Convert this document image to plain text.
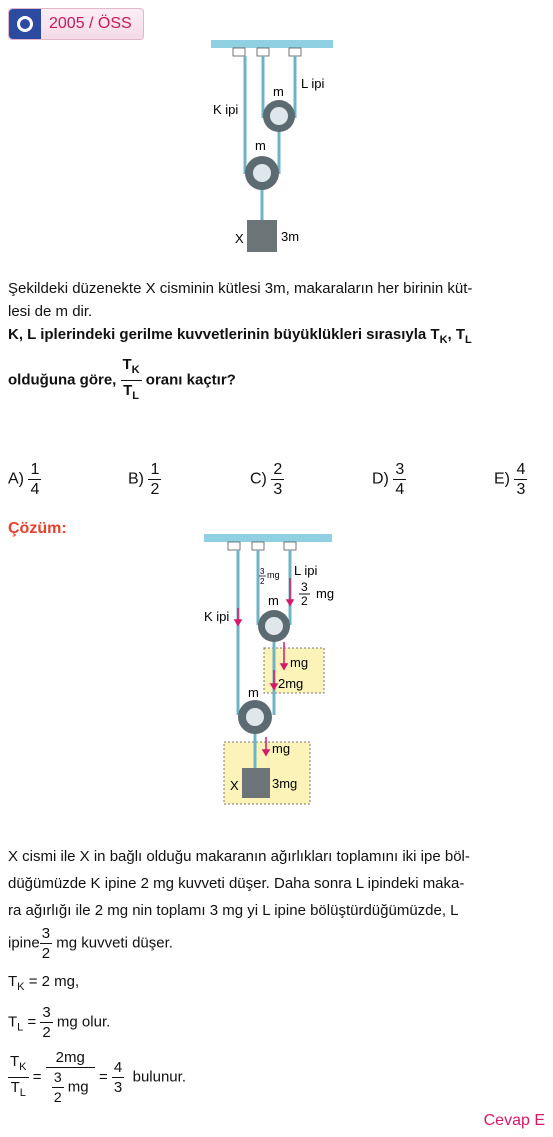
2005 / ÖSS
K ipi
L ipi
m
m
X	3m
Şekildeki düzenekte X cisminin kütlesi 3m, makaraların her birinin küt-
lesi de m dir.
K, L iplerindeki gerilme kuvvetlerinin büyüklükleri sırasıyla $T_K$, $T_L$
olduğuna göre, $\frac{T_K}{T_L}$ oranı kaçtır?
$A) \frac{1}{4}$	$B) \frac{1}{2}$	$C) \frac{2}{3}$	$D) \frac{3}{4}$	$E) \frac{4}{3}$
Çözüm:
3
2
mg L ipi
3
2 mg
K ipi
m
m
mg
2mg
mg
X	3mg
X cismi ile X in bağlı olduğu makaranın ağırlıkları toplamını iki ipe böl-
düğümüzde K ipine 2 mg kuvveti düşer. Daha sonra L ipindeki maka-
ra ağırlığı ile 2 mg nin toplamı 3 mg yi L ipine bölüştürdüğümüzde, L
ipine $\frac{3}{2}$ mg kuvveti düşer.
$T_K = 2$ mg,
$T_L = \frac{3}{2}$ mg olur.
$\frac{T_K}{T_L} = \frac{2mg}{\frac{3}{2} mg} = \frac{4}{3}$ bulunur.
Cevap E
